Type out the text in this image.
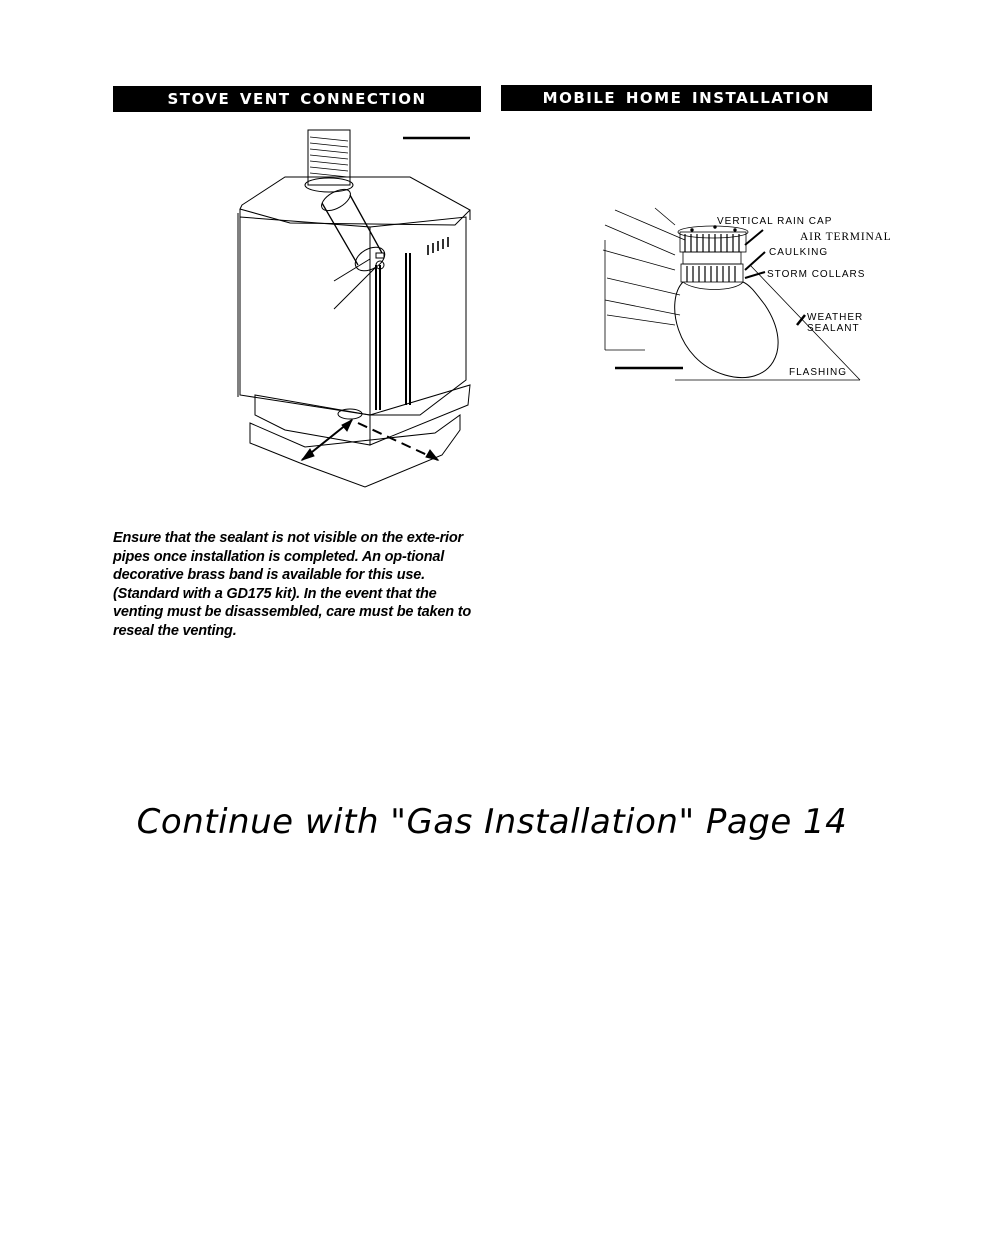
STOVE VENT CONNECTION	MOBILE HOME INSTALLATION
VERTICAL RAIN CAP
AIR TERMINAL
CAULKING
STORM COLLARS
WEATHER
SEALANT
FLASHING
Ensure that the sealant is not visible on the exte-rior pipes once installation is completed. An op-tional decorative brass band is available for this use. (Standard with a GD175 kit). In the event that the venting must be disassembled, care must be taken to reseal the venting.
Continue with "Gas Installation" Page 14
